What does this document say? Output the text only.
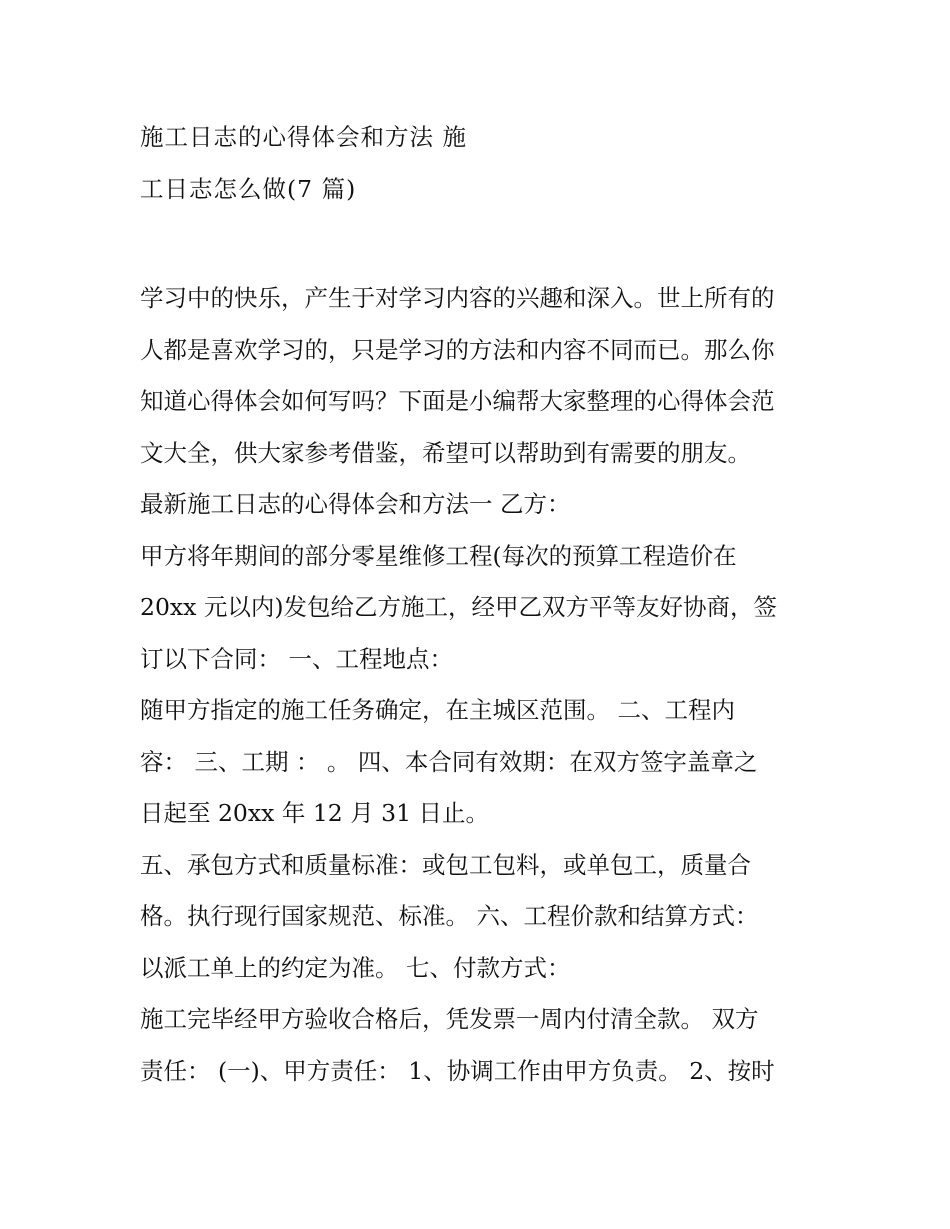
施工日志的心得体会和方法 施
工日志怎么做(7 篇)

学习中的快乐，产生于对学习内容的兴趣和深入。世上所有的

人都是喜欢学习的，只是学习的方法和内容不同而已。那么你

知道心得体会如何写吗？下面是小编帮大家整理的心得体会范

文大全，供大家参考借鉴，希望可以帮助到有需要的朋友。

最新施工日志的心得体会和方法一 乙方：

甲方将年期间的部分零星维修工程(每次的预算工程造价在

20xx 元以内)发包给乙方施工，经甲乙双方平等友好协商，签

订以下合同： 一、工程地点：

随甲方指定的施工任务确定，在主城区范围。 二、工程内

容： 三、工期 ： 。 四、本合同有效期：在双方签字盖章之

日起至 20xx 年 12 月 31 日止。

五、承包方式和质量标准：或包工包料，或单包工，质量合

格。执行现行国家规范、标准。 六、工程价款和结算方式：

以派工单上的约定为准。 七、付款方式：

施工完毕经甲方验收合格后，凭发票一周内付清全款。 双方

责任： (一)、甲方责任： 1、协调工作由甲方负责。 2、按时
